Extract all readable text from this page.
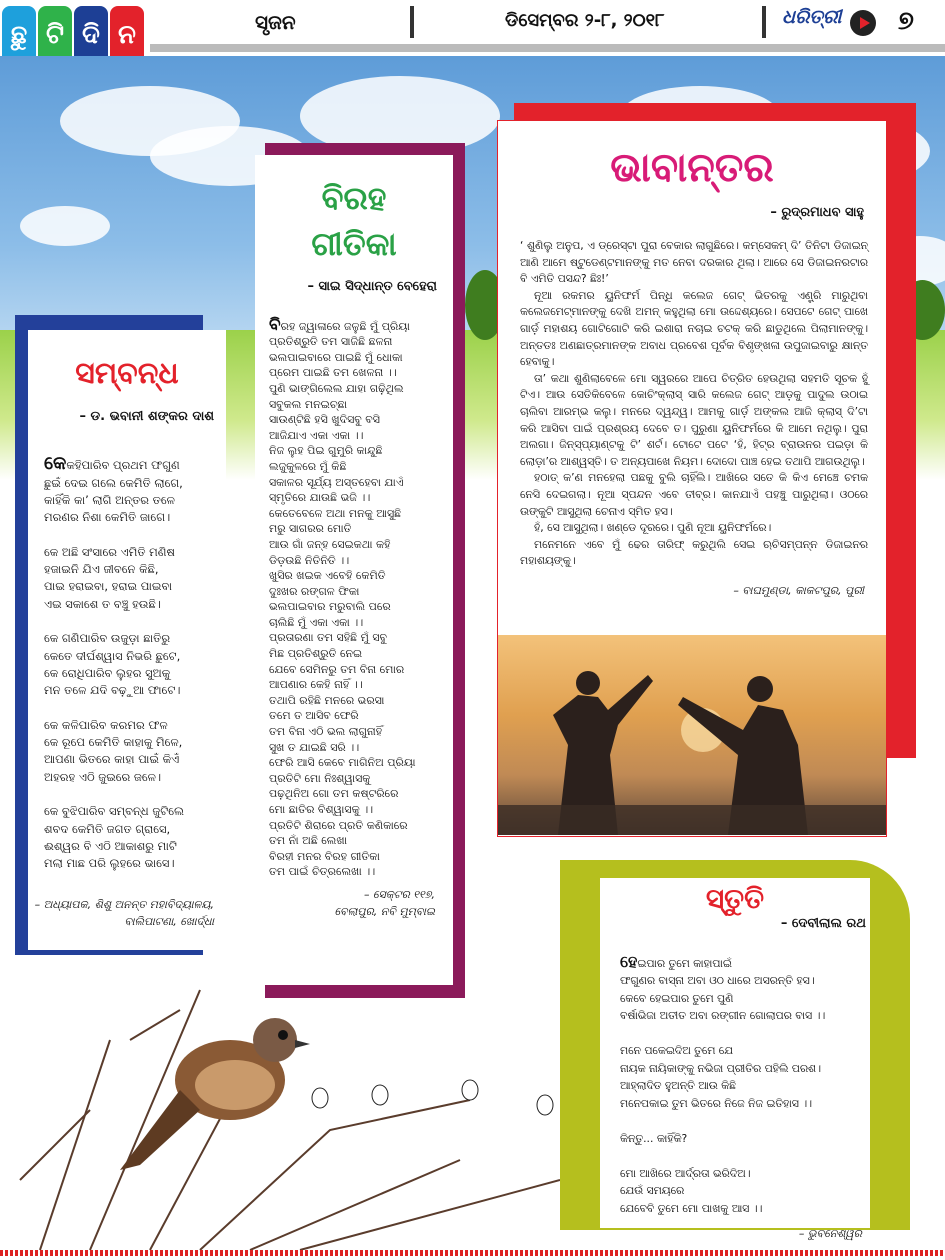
ଛୁ ଟି ଦି ନ	ସୃଜନ	ଡିସେମ୍ବର ୨-୮, ୨୦୧୮	ଧରିତ୍ରୀ ୭
ସମ୍ବନ୍ଧ
– ଡ. ଭବାନୀ ଶଙ୍କର ଦାଶ

କେକହିପାରିବ ପ୍ରଥମ ଫଗୁଣ
ଛୁଇଁ ଦେଇ ଗଲେ କେମିତି ଲାଗେ,
କାହିଁକି କା’ ଲାଗି ଅନ୍ତର ତଳେ
ମରଣର ନିଶା କେମିତି ଜାଗେ।

କେ ଅଛି ସଂସାରେ ଏମିତି ମଣିଷ
ହଜାଇନି ଯିଏ ଜୀବନେ କିଛି,
ପାଇ ହରାଇବା, ହରାଇ ପାଇବା
ଏଇ ସକାଶେ ତ ବଞ୍ଚୁ ହଉଛି।

କେ ଗଣିପାରିବ ଉଜୁଡ଼ା ଛାତିରୁ
କେତେ ଦୀର୍ଘଶ୍ୱାସ ନିଭରି ଛୁଟେ,
କେ ରୋଧିପାରିବ ଲୁହର ସୁଅକୁ
ମନ ତଳେ ଯଦି ବଢ଼ୁଆ ଫାଟେ।

କେ କଳିପାରିବ କରମର ଫଳ
କେ ରୂପେ କେମିତି କାହାକୁ ମିଳେ,
ଆପଣା ଭିତରେ କାହା ପାଇଁ କିଏଁ
ଅହରହ ଏଠି ଜୁଇରେ ଜଳେ।

କେ ବୁଝିପାରିବ ସମ୍ବନ୍ଧ ଜୁଟିଲେ
ଶବଦ କେମିତି ଜଗତ ଗ୍ରାସେ,
ଈଶ୍ୱର ବି ଏଠି ଆକାଶରୁ ମାଟି
ମଲା ମାଛ ପରି ଲୁହରେ ଭାସେ।

– ଅଧ୍ୟାପକ, ଶିଶୁ ଅନନ୍ତ ମହାବିଦ୍ୟାଳୟ,
ବାଲିପାଟଣା, ଖୋର୍ଦ୍ଧା
ବିରହ
ଗୀତିକା
– ସାଇ ସିଦ୍ଧାନ୍ତ ବେହେରା

ବିରହ ଜ୍ୱାଳାରେ ଜଳୁଛି ମୁଁ ପ୍ରିୟା
ପ୍ରତିଶ୍ରୁତି ତମ ସାଜିଛି ଛଳନା
ଭଲପାଇବାରେ ପାଇଛି ମୁଁ ଧୋକା
ପ୍ରେମ ପାଇଛି ତମ ଖେଳନା ।।
ପୁଣି ଭାଙ୍ଗିଲେଲ ଯାହା ଗଢ଼ିଥିଲ
ସବୁକଲ ମନଇଚ୍ଛା
ସାଉଣ୍ଟିଛି ହସି ଖୁଦିସବୁ ବସି
ଆଜିଯାଏ ଏକା ଏକା ।।
ନିଜ ଲୁହ ପିଇ ଗୁମୁରି କାନ୍ଦୁଛି
ଲଜୁକୁଳରେ ମୁଁ କିଛି
ସକାଳର ସୂର୍ଯ୍ୟ ଅସ୍ତହେବା ଯାଏଁ
ସ୍ମୃତିରେ ଯାଉଛି ଭଜି ।।
କେତେବେଳେ ଅଥା ମନକୁ ଆସୁଛି
ମରୁ ସାଗରର ମୋତି
ଆଉ ଗାଁ ଜନ୍ହ ସେଇକଥା କହି
ଡିଡ଼ଉଛି ନିତିନିତି ।।
ଖୁସିର ଖଇକ ଏବେହି କେମିତି
ଦୁଃଖର ରଙ୍ଗଳ ଫିକା
ଭଲପାଇବାର ମରୁବାଲି ପରେ
ଚାଲିଛି ମୁଁ ଏକା ଏକା ।।
ପ୍ରତାରଣା ତମ ସହିଛି ମୁଁ ସବୁ
ମିଛ ପ୍ରତିଶ୍ରୁତି ନେଇ
ଯେବେ ସେମିନରୁ ତମ ବିନା ମୋର
ଆପଣାର କେହି ନାହିଁ ।।
ତଥାପି ରହିଛି ମନରେ ଭରସା
ତମେ ତ ଆସିବ ଫେରି
ତମ ବିନା ଏଠି ଭଲ ଲାଗୁନାହିଁ
ସୁଖ ତ ଯାଇଛି ସରି ।।
ଫେରି ଆସି କେବେ ମାଗିନିଅ ପ୍ରିୟା
ପ୍ରତିଟି ମୋ ନିଃଶ୍ୱାସକୁ
ପଢ଼ଥିନିଅ ଗୋ ତମ କଷ୍ଟରିରେ
ମୋ ଛାତିର ବିଶ୍ୱାସକୁ ।।
ପ୍ରତିଟି ଶିରାରେ ପ୍ରତି କଣିକାରେ
ତମ ନାଁ ଅଛି ଲେଖା
ବିରହୀ ମନର ବିରହ ଗୀତିକା
ତମ ପାଇଁ ଚିତ୍ରଲେଖା ।।

– ସେକ୍ଟର ୧୧୭,
ବେଲାପୁର, ନବି ମୁମ୍ବାଇ
ଭାବାନ୍ତର
– ରୁଦ୍ରମାଧବ ସାହୁ

‘ ଶୁଣିଲୁ ଅନୁପ, ଏ ଡ୍ରେସ୍‌ଟା ପୁରା ବେକାର ଲାଗୁଛିରେ। କମ୍‌ସେକମ୍ ଦି’ ତିନିଟା ଡିଜାଇନ୍ ଆଣି ଆମେ ଷ୍ଟୁଡେଣ୍ଟମାନଙ୍କୁ ମତ ନେବା ଦରକାର ଥିଲା। ଆରେ ସେ ଡିଜାଇନରଟାର ବି ଏମିତି ପସନ୍ଦ? ଛିଃ!’

ନୂଆ ରକମର ୟୁନିଫର୍ମ ପିନ୍ଧି କଲେଜ ଗେଟ୍ ଭିତରକୁ ଏଣ୍ଟ୍ରି ମାରୁଥିବା କଲେଜମେଟ୍‌ମାନଙ୍କୁ ଦେଖି ଅମନ୍ କହୁଥିଲା ମୋ ଉଦ୍ଦେଶ୍ୟରେ। ସେପଟେ ଗେଟ୍ ପାଖେ ଗାର୍ଡ଼ ମହାଶୟ ଗୋଟିଗୋଟି କରି ଇଶାରା ନଚାଇ ଚଟକ୍ କରି ଛାଡୁଥିଲେ ପିଲାମାନଙ୍କୁ। ଅନ୍ତତଃ ଅଣଛାତ୍ରମାନଙ୍କ ଅବାଧ ପ୍ରବେଶ ପୂର୍ବକ ବିଶୃଙ୍ଖଳା ଉପୁଜାଇବାରୁ କ୍ଷାନ୍ତ ହେବାକୁ।

ତା’ କଥା ଶୁଣିଲାବେଳେ ମୋ ସ୍ୱରରେ ଆପେ ଚିତ୍ରିତ ହେଉଥିଲା ସହମତି ସୂଚକ ହୁଁ ଟିଏ। ଆଉ ସେତିକିବେଳେ କୋଚିଂକ୍ଲାସ୍ ସାରି କଲେଜ ଗେଟ୍ ଆଡ଼କୁ ପାଦୁଲ ଉଠାଇ ଚାଲିବା ଆରମ୍ଭ କଲୁ। ମନରେ ଦ୍ୱନ୍ଦ୍ୱ। ଆମକୁ ଗାର୍ଡ଼ ଅଙ୍କଲ ଆଜି କ୍ଲାସ୍ ଦି’ଟା କରି ଆସିବା ପାଇଁ ପ୍ରଶ୍ରୟ ଦେବେ ତ। ପୁରୁଣା ୟୁନିଫର୍ମରେ କି ଆମେ ନଥିଲୁ। ପୁରା ଅଲଗା। ଜିନ୍ସ୍‌ପ୍ୟାଣ୍ଟକୁ ଟି’ ଶର୍ଟ। ଟୋଟେ ପଟେ ‘ହଁ, ହିଟ୍ର ବ୍ରାଉନର ପଇଡ଼ା କି ଲୋଡ଼ା’ର ଆଶ୍ୱସ୍ତି। ତ ଅନ୍ୟପାଖେ ନିୟମ। ଦୋଦୋ ପାଞ୍ଚ ହେଇ ତଥାପି ଆଗଉଥିଲୁ।

ହଠାତ୍ କ’ଣ ମନହେଲା ପଛକୁ ବୁଲି ଚାହିଁଲି। ଆଖିରେ ସତେ କି କିଏ ମେଞ୍ଚେ ଚମକ ନେସି ଦେଇଗଲା। ନୂଆ ସ୍ପନ୍ଦନ ଏବେ ତୀବ୍ର। କାନଯାଏଁ ପହଞ୍ଚୁ ପାରୁଥିଲା। ଓଠରେ ଉଙ୍କୁଟି ଆସୁଥିଲା ଚେନାଏ ସ୍ମିତ ହସ।

ହଁ, ସେ ଆସୁଥିଲା। ଖଣ୍ଡେ ଦୂରରେ। ପୁଣି ନୂଆ ୟୁନିଫର୍ମରେ।

ମନେମନେ ଏବେ ମୁଁ ଢେର ତାରିଫ୍ କରୁଥିଲି ସେଇ ଋଚିସମ୍ପନ୍ନ ଡିଜାଇନର ମହାଶୟଙ୍କୁ।

– ବାଘମୁଣ୍ଡା, କାକଟପୁର, ପୁରୀ
ସ୍ତୁତି
– ଦେବୀଲାଲ ରଥ

ହେଇପାର ତୁମେ କାହାପାଇଁ
ଫଗୁଣର ବାସ୍ନା ଅବା ଓଠ ଧାରେ ଅସରନ୍ତି ହସ।
କେବେ ହେଇପାର ତୁମେ ପୁଣି
ବର୍ଷାଭିଜା ଅତୀତ ଅବା ରଙ୍ଗୀନ ଗୋଲାପର ବାସ ।।

ମନେ ପକେଇଦିଅ ତୁମେ ଯେ
ନାୟକ ନାୟିକାଙ୍କୁ ନଭିଜା ପ୍ରୀତିର ପହିଲି ପରଶ।
ଆହ୍ଲାଦିତ ହୁଅନ୍ତି ଆଉ କିଛି
ମନେପକାଇ ତୁମ ଭିତରେ ନିଜେ ନିଜ ଇତିହାସ ।।

କିନ୍ତୁ... କାହିଁକି?

ମୋ ଆଖିରେ ଆର୍ଦ୍ରତା ଭରିଦିଅ।
ଯେଉଁ ସମୟରେ
ଯେବେବି ତୁମେ ମୋ ପାଖକୁ ଆସ ।।

– ଭୁବନେଶ୍ୱର
